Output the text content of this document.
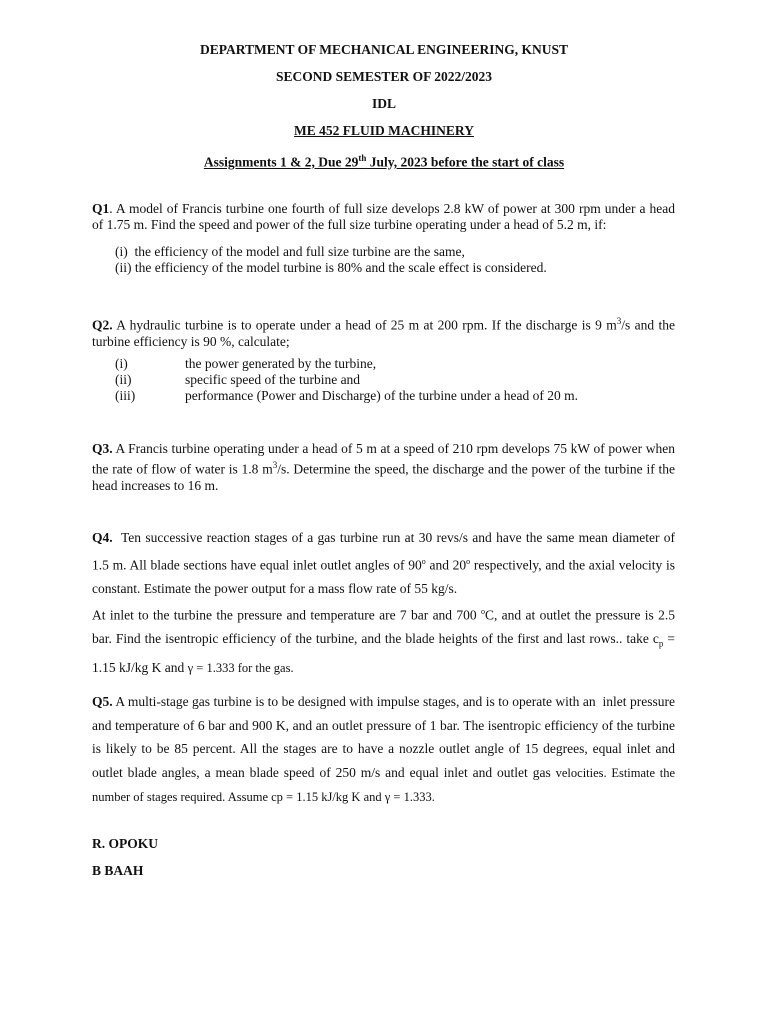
DEPARTMENT OF MECHANICAL ENGINEERING, KNUST
SECOND SEMESTER OF 2022/2023
IDL
ME 452 FLUID MACHINERY
Assignments 1 & 2, Due 29th July, 2023 before the start of class
Q1. A model of Francis turbine one fourth of full size develops 2.8 kW of power at 300 rpm under a head of 1.75 m. Find the speed and power of the full size turbine operating under a head of 5.2 m, if:
(i)  the efficiency of the model and full size turbine are the same,
(ii) the efficiency of the model turbine is 80% and the scale effect is considered.
Q2. A hydraulic turbine is to operate under a head of 25 m at 200 rpm. If the discharge is 9 $m^3/s$ and the turbine efficiency is 90 %, calculate;
(i)	the power generated by the turbine,
(ii)	specific speed of the turbine and
(iii)	performance (Power and Discharge) of the turbine under a head of 20 m.
Q3. A Francis turbine operating under a head of 5 m at a speed of 210 rpm develops 75 kW of power when the rate of flow of water is 1.8 $m^3/s$. Determine the speed, the discharge and the power of the turbine if the head increases to 16 m.
Q4.  Ten successive reaction stages of a gas turbine run at 30 revs/s and have the same mean diameter of 1.5 m. All blade sections have equal inlet outlet angles of 90$^o$ and 20$^o$ respectively, and the axial velocity is constant. Estimate the power output for a mass flow rate of 55 kg/s.
At inlet to the turbine the pressure and temperature are 7 bar and 700 $^o$C, and at outlet the pressure is 2.5 bar. Find the isentropic efficiency of the turbine, and the blade heights of the first and last rows.. take $c_p = 1.15$ kJ/kg K and γ = 1.333 for the gas.
Q5. A multi-stage gas turbine is to be designed with impulse stages, and is to operate with an  inlet pressure and temperature of 6 bar and 900 K, and an outlet pressure of 1 bar. The isentropic efficiency of the turbine is likely to be 85 percent. All the stages are to have a nozzle outlet angle of 15 degrees, equal inlet and outlet blade angles, a mean blade speed of 250 m/s and equal inlet and outlet gas velocities. Estimate the number of stages required. Assume cp = 1.15 kJ/kg K and γ = 1.333.
R. OPOKU
B BAAH
